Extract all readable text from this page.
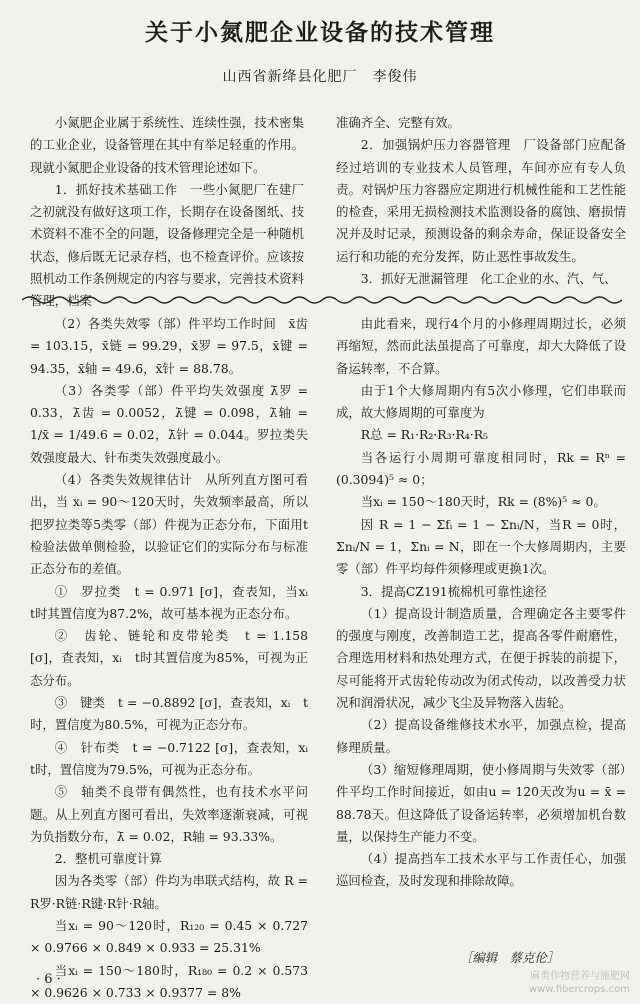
关于小氮肥企业设备的技术管理
山西省新绛县化肥厂　李俊伟

小氮肥企业属于系统性、连续性强，技术密集的工业企业，设备管理在其中有举足轻重的作用。现就小氮肥企业设备的技术管理论述如下。

1．抓好技术基础工作　一些小氮肥厂在建厂之初就没有做好这项工作，长期存在设备图纸、技术资料不准不全的问题，设备修理完全是一种随机状态，修后既无记录存档，也不检查评价。应该按照机动工作条例规定的内容与要求，完善技术资料管理，档案

准确齐全、完整有效。

2．加强锅炉压力容器管理　厂设备部门应配备经过培训的专业技术人员管理，车间亦应有专人负责。对锅炉压力容器应定期进行机械性能和工艺性能的检查，采用无损检测技术监测设备的腐蚀、磨损情况并及时记录，预测设备的剩余寿命，保证设备安全运行和功能的充分发挥，防止恶性事故发生。

3．抓好无泄漏管理　化工企业的水、汽、气、

（2）各类失效零（部）件平均工作时间　x̄齿 = 103.15，x̄链 = 99.29，x̄罗 = 97.5，x̄键 = 94.35，x̄轴 = 49.6，x̄针 = 88.78。

（3）各类零（部）件平均失效强度 λ̄罗 = 0.33，λ̄齿 = 0.0052，λ̄键 = 0.098，λ̄轴 = 1/x̄ = 1/49.6 = 0.02，λ̄针 = 0.044。罗拉类失效强度最大、针布类失效强度最小。

（4）各类失效规律估计　从所列直方图可看出，当 xᵢ = 90～120天时，失效频率最高，所以把罗拉类等5类零（部）件视为正态分布，下面用t检验法做单侧检验，以验证它们的实际分布与标准正态分布的差值。

①　罗拉类　t = 0.971 [σ]，查表知，当xᵢ　t时其置信度为87.2%，故可基本视为正态分布。

②　齿轮、链轮和皮带轮类　t = 1.158 [σ]，查表知，xᵢ　t时其置信度为85%，可视为正态分布。

③　键类　t = −0.8892 [σ]，查表知，xᵢ　t时，置信度为80.5%，可视为正态分布。

④　针布类　t = −0.7122 [σ]，查表知，xᵢ　t时，置信度为79.5%，可视为正态分布。

⑤　轴类不良带有偶然性，也有技术水平问题。从上列直方图可看出，失效率逐渐衰减，可视为负指数分布，λ̄ = 0.02，R轴 = 93.33%。

2．整机可靠度计算

因为各类零（部）件均为串联式结构，故 R = R罗·R链·R键·R针·R轴。

当xᵢ = 90～120时，R₁₂₀ = 0.45 × 0.727 × 0.9766 × 0.849 × 0.933 = 25.31%

当xᵢ = 150～180时，R₁₈₀ = 0.2 × 0.573 × 0.9626 × 0.733 × 0.9377 = 8%

由此看来，现行4个月的小修理周期过长，必须再缩短，然而此法虽提高了可靠度，却大大降低了设备运转率，不合算。

由于1个大修周期内有5次小修理，它们串联而成，故大修周期的可靠度为

R总 = R₁·R₂·R₃·R₄·R₅

当各运行小周期可靠度相同时，Rk = Rⁿ = (0.3094)⁵ ≈ 0；

当xᵢ = 150～180天时，Rk = (8%)⁵ ≈ 0。

因 R = 1 − Σfᵢ = 1 − Σnᵢ/N，当R = 0时，Σnᵢ/N = 1，Σnᵢ = N，即在一个大修周期内，主要零（部）件平均每件须修理或更换1次。

3．提高CZ191梳棉机可靠性途径

（1）提高设计制造质量，合理确定各主要零件的强度与刚度，改善制造工艺，提高各零件耐磨性，合理选用材料和热处理方式，在便于拆装的前提下，尽可能将开式齿轮传动改为闭式传动，以改善受力状况和润滑状况，减少飞尘及异物落入齿轮。

（2）提高设备维修技术水平，加强点检，提高修理质量。

（3）缩短修理周期，使小修周期与失效零（部）件平均工作时间接近，如由u = 120天改为u = x̄ = 88.78天。但这降低了设备运转率，必须增加机台数量，以保持生产能力不变。

（4）提高挡车工技术水平与工作责任心，加强巡回检查，及时发现和排除故障。

［编辑　蔡克伦］
· 6 ·	麻类作物营养与施肥网
www.fibercrops.com
